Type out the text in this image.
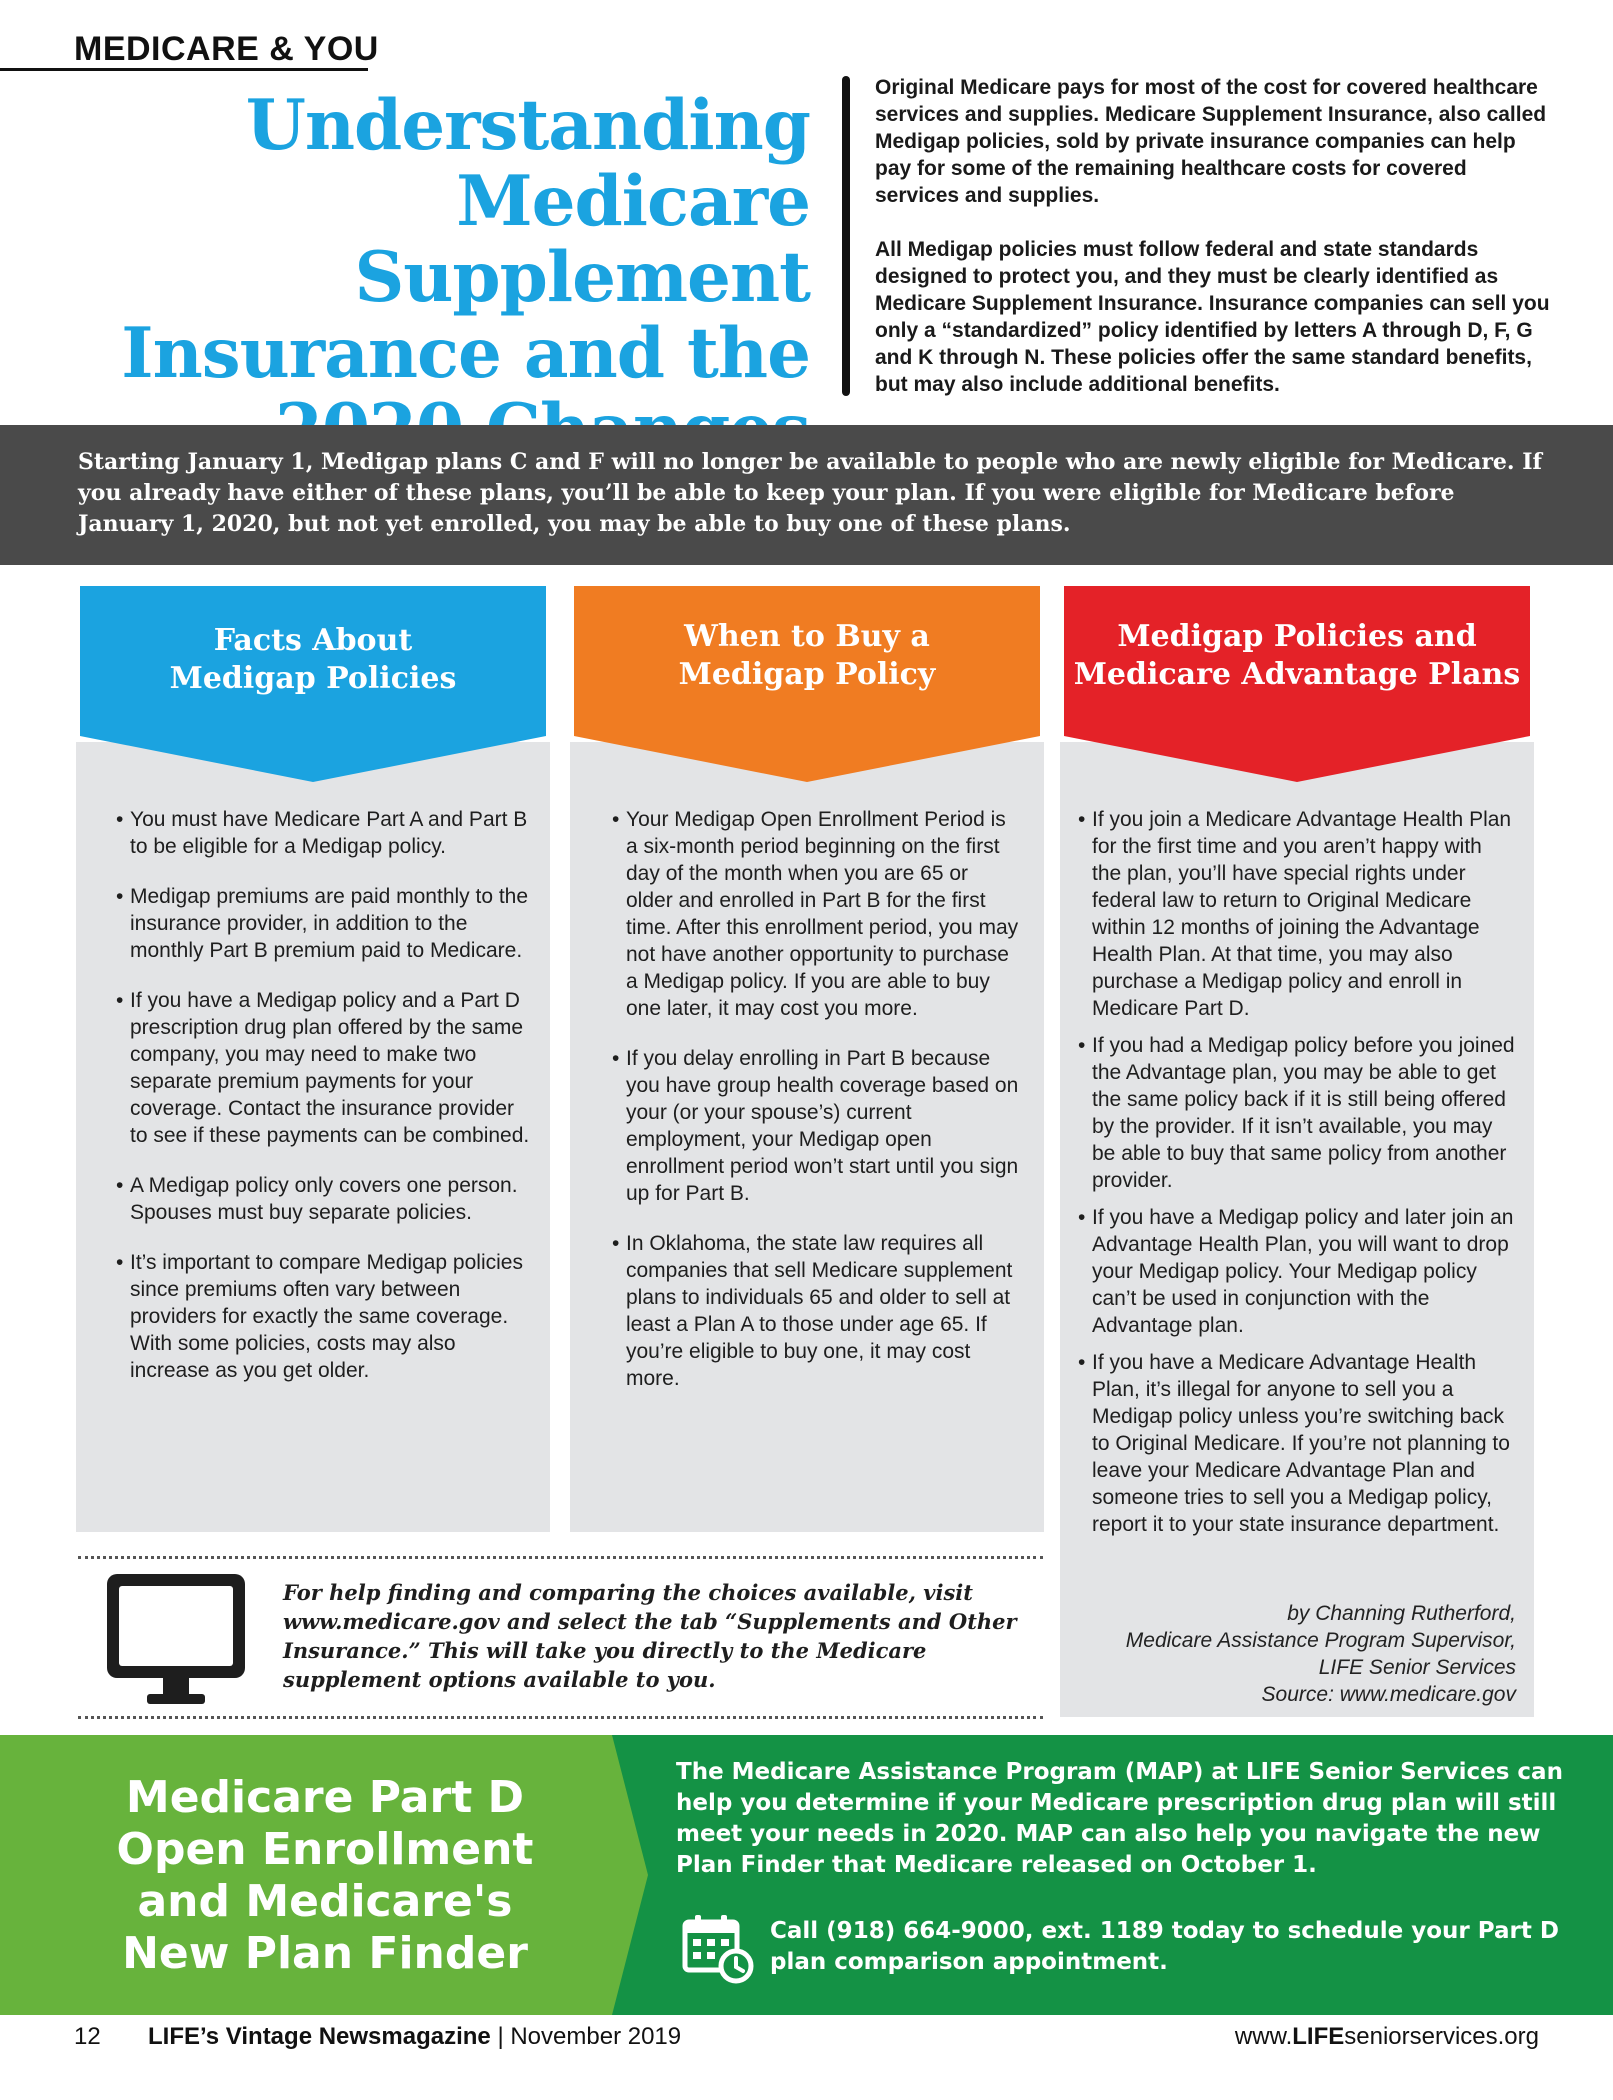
MEDICARE & YOU
Understanding
Medicare Supplement
Insurance and the

Original Medicare pays for most of the cost for covered healthcare services and supplies. Medicare Supplement Insurance, also called Medigap policies, sold by private insurance companies can help pay for some of the remaining healthcare costs for covered services and supplies.

All Medigap policies must follow federal and state standards designed to protect you, and they must be clearly identified as Medicare Supplement Insurance. Insurance companies can sell you only a “standardized” policy identified by letters A through D, F, G and K through N. These policies offer the same standard benefits, but may also include additional benefits.

Starting January 1, Medigap plans C and F will no longer be available to people who are newly eligible for Medicare. If you already have either of these plans, you’ll be able to keep your plan. If you were eligible for Medicare before January 1, 2020, but not yet enrolled, you may be able to buy one of these plans.
Facts About
Medigap Policies
When to Buy a
Medigap Policy
Medigap Policies and
Medicare Advantage Plans
• You must have Medicare Part A and Part B to be eligible for a Medigap policy.
• Medigap premiums are paid monthly to the insurance provider, in addition to the monthly Part B premium paid to Medicare.
• If you have a Medigap policy and a Part D prescription drug plan offered by the same company, you may need to make two separate premium payments for your coverage. Contact the insurance provider to see if these payments can be combined.
• A Medigap policy only covers one person. Spouses must buy separate policies.
• It’s important to compare Medigap policies since premiums often vary between providers for exactly the same coverage. With some policies, costs may also increase as you get older.
• Your Medigap Open Enrollment Period is a six-month period beginning on the first day of the month when you are 65 or older and enrolled in Part B for the first time. After this enrollment period, you may not have another opportunity to purchase a Medigap policy. If you are able to buy one later, it may cost you more.
• If you delay enrolling in Part B because you have group health coverage based on your (or your spouse’s) current employment, your Medigap open enrollment period won’t start until you sign up for Part B.
• In Oklahoma, the state law requires all companies that sell Medicare supplement plans to individuals 65 and older to sell at least a Plan A to those under age 65. If you’re eligible to buy one, it may cost more.
• If you join a Medicare Advantage Health Plan for the first time and you aren’t happy with the plan, you’ll have special rights under federal law to return to Original Medicare within 12 months of joining the Advantage Health Plan. At that time, you may also purchase a Medigap policy and enroll in Medicare Part D.
• If you had a Medigap policy before you joined the Advantage plan, you may be able to get the same policy back if it is still being offered by the provider. If it isn’t available, you may be able to buy that same policy from another provider.
• If you have a Medigap policy and later join an Advantage Health Plan, you will want to drop your Medigap policy. Your Medigap policy can’t be used in conjunction with the Advantage plan.
• If you have a Medicare Advantage Health Plan, it’s illegal for anyone to sell you a Medigap policy unless you’re switching back to Original Medicare. If you’re not planning to leave your Medicare Advantage Plan and someone tries to sell you a Medigap policy, report it to your state insurance department.
by Channing Rutherford,
Medicare Assistance Program Supervisor,
LIFE Senior Services
Source: www.medicare.gov
For help finding and comparing the choices available, visit www.medicare.gov and select the tab “Supplements and Other Insurance.” This will take you directly to the Medicare supplement options available to you.
Medicare Part D
Open Enrollment
and Medicare's
New Plan Finder
The Medicare Assistance Program (MAP) at LIFE Senior Services can help you determine if your Medicare prescription drug plan will still meet your needs in 2020. MAP can also help you navigate the new Plan Finder that Medicare released on October 1.
Call (918) 664-9000, ext. 1189 today to schedule your Part D plan comparison appointment.
12 LIFE’s Vintage Newsmagazine | November 2019	www.LIFEseniorservices.org
